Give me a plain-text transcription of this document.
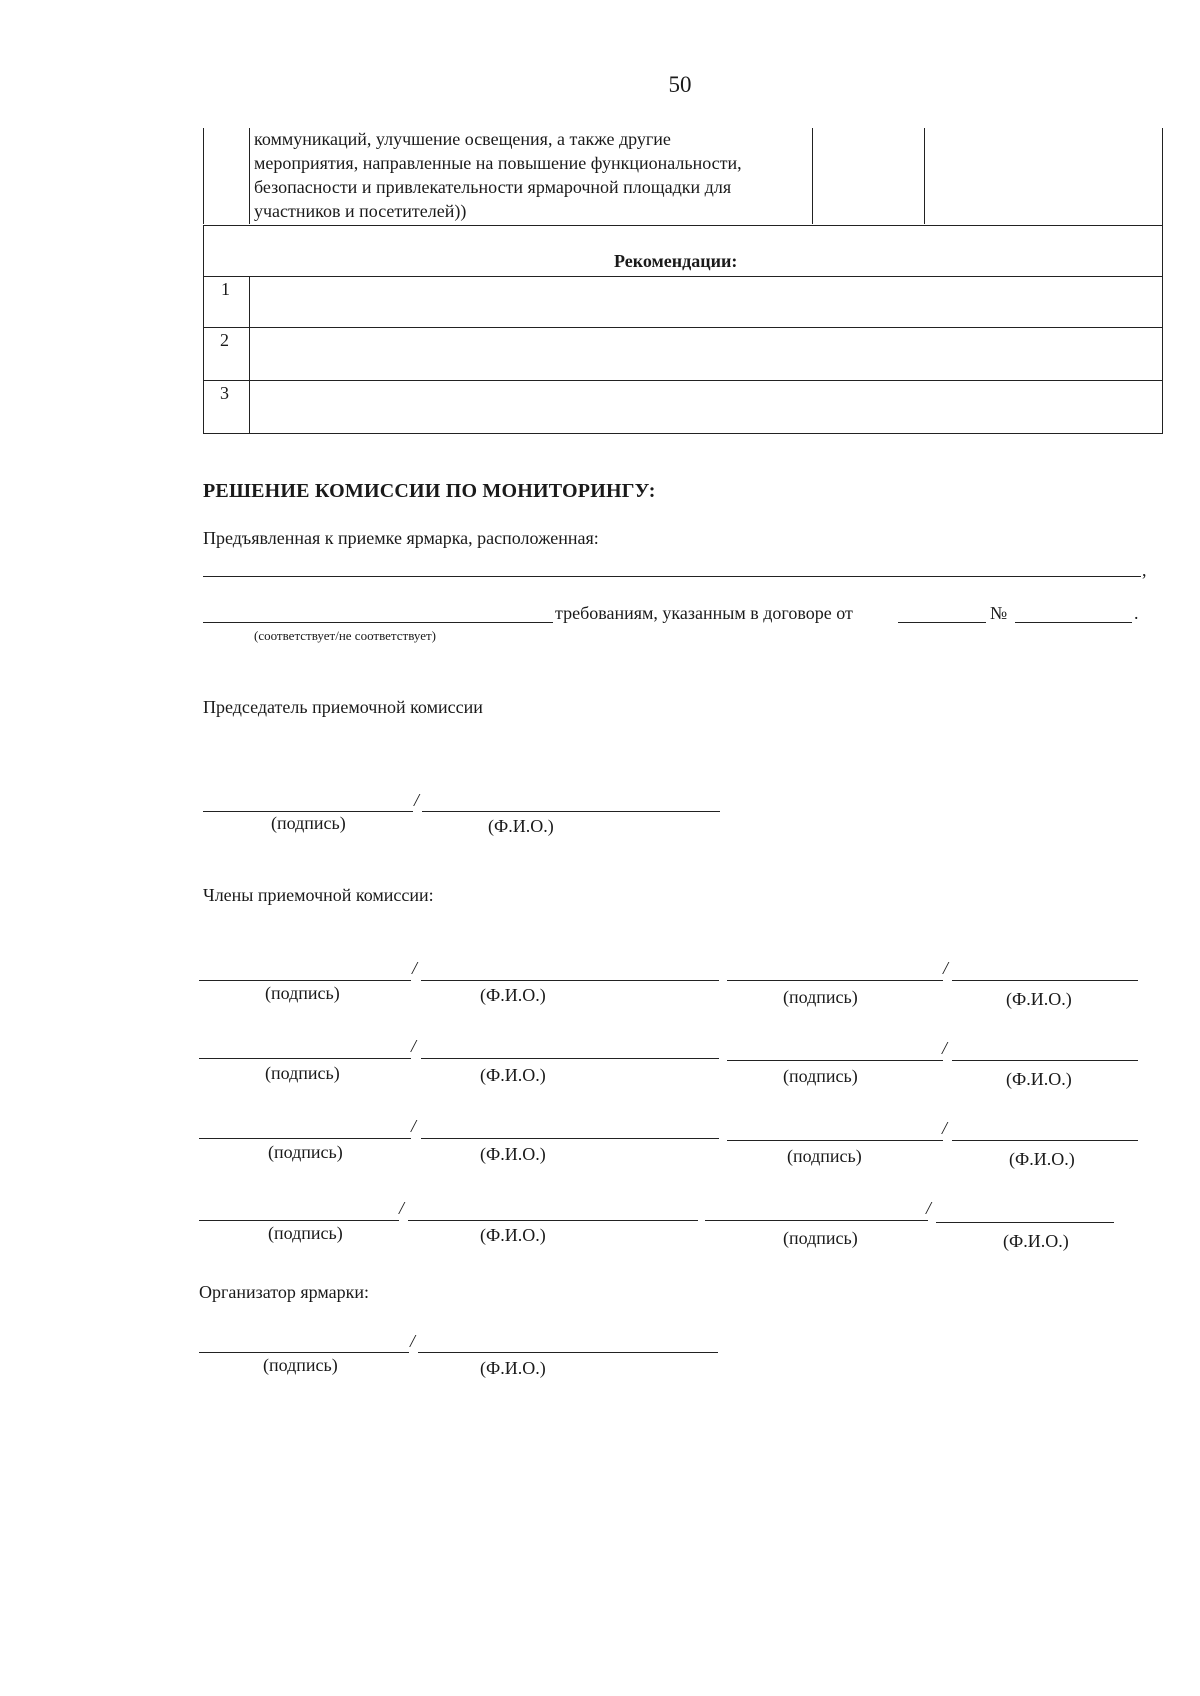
50
коммуникаций, улучшение освещения, а также другие
мероприятия, направленные на повышение функциональности,
безопасности и привлекательности ярмарочной площадки для
участников и посетителей))
Рекомендации:
1
2
3
РЕШЕНИЕ КОМИССИИ ПО МОНИТОРИНГУ:
Предъявленная к приемке ярмарка, расположенная:
,
требованиям, указанным в договоре от	№	.
(соответствует/не соответствует)
Председатель приемочной комиссии
/
(подпись)	(Ф.И.О.)
Члены приемочной комиссии:
/	/
(подпись)	(Ф.И.О.)	(подпись)	(Ф.И.О.)
/	/
(подпись)	(Ф.И.О.)	(подпись)	(Ф.И.О.)
/	/
(подпись)	(Ф.И.О.)	(подпись)	(Ф.И.О.)
/	/
(подпись)	(Ф.И.О.)	(подпись)	(Ф.И.О.)
Организатор ярмарки:
/
(подпись)	(Ф.И.О.)
